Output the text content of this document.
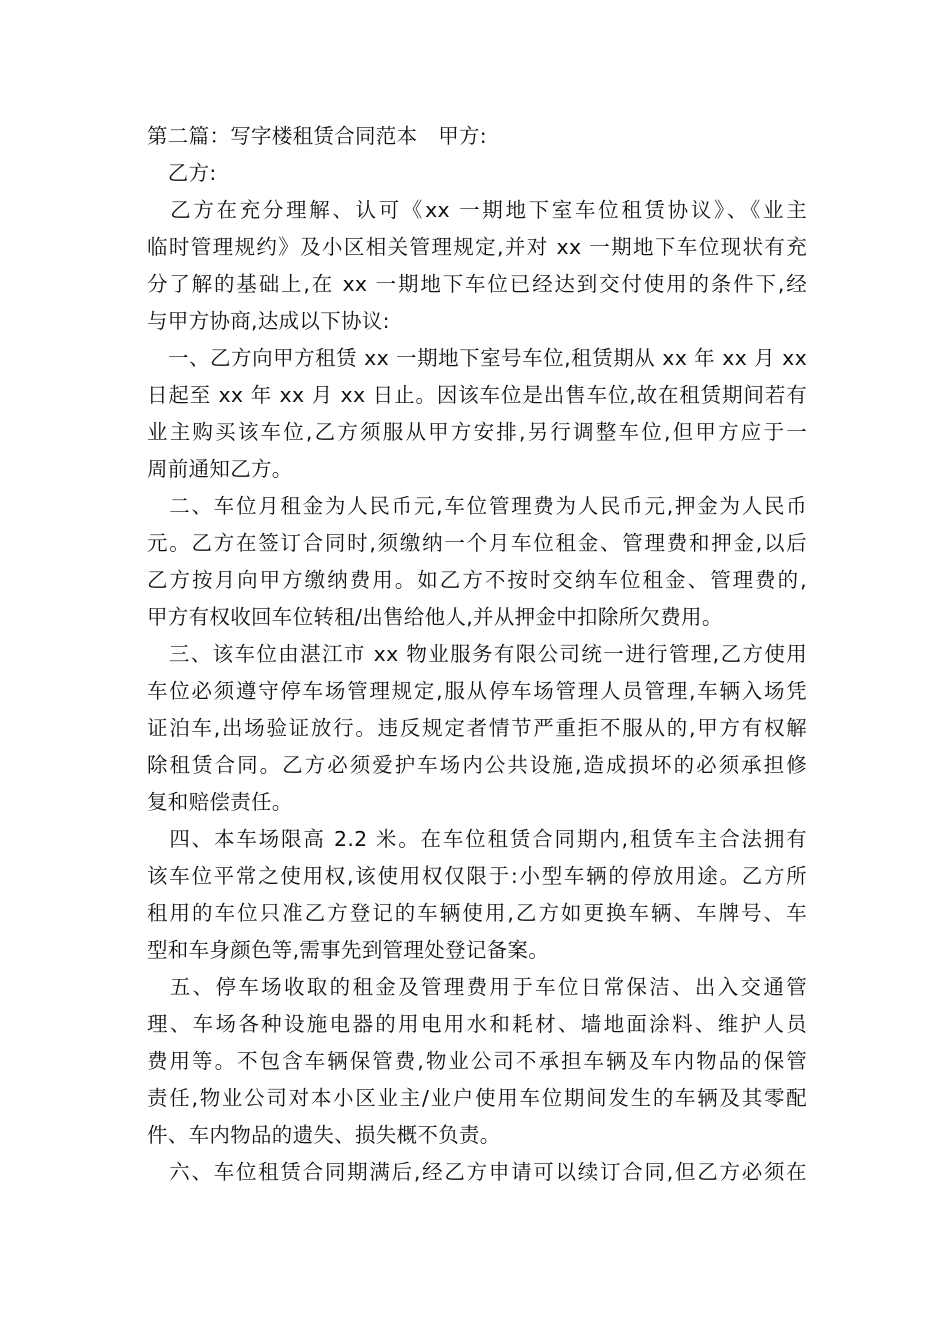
第二篇：写字楼租赁合同范本　甲方:
　乙方:
　乙方在充分理解、认可《xx 一期地下室车位租赁协议》、《业主
临时管理规约》及小区相关管理规定,并对 xx 一期地下车位现状有充
分了解的基础上,在 xx 一期地下车位已经达到交付使用的条件下,经
与甲方协商,达成以下协议:
　一、乙方向甲方租赁 xx 一期地下室号车位,租赁期从 xx 年 xx 月 xx
日起至 xx 年 xx 月 xx 日止。因该车位是出售车位,故在租赁期间若有
业主购买该车位,乙方须服从甲方安排,另行调整车位,但甲方应于一
周前通知乙方。
　二、车位月租金为人民币元,车位管理费为人民币元,押金为人民币
元。乙方在签订合同时,须缴纳一个月车位租金、管理费和押金,以后
乙方按月向甲方缴纳费用。如乙方不按时交纳车位租金、管理费的,
甲方有权收回车位转租/出售给他人,并从押金中扣除所欠费用。
　三、该车位由湛江市 xx 物业服务有限公司统一进行管理,乙方使用
车位必须遵守停车场管理规定,服从停车场管理人员管理,车辆入场凭
证泊车,出场验证放行。违反规定者情节严重拒不服从的,甲方有权解
除租赁合同。乙方必须爱护车场内公共设施,造成损坏的必须承担修
复和赔偿责任。
　四、本车场限高 2.2 米。在车位租赁合同期内,租赁车主合法拥有
该车位平常之使用权,该使用权仅限于:小型车辆的停放用途。乙方所
租用的车位只准乙方登记的车辆使用,乙方如更换车辆、车牌号、车
型和车身颜色等,需事先到管理处登记备案。
　五、停车场收取的租金及管理费用于车位日常保洁、出入交通管
理、车场各种设施电器的用电用水和耗材、墙地面涂料、维护人员
费用等。不包含车辆保管费,物业公司不承担车辆及车内物品的保管
责任,物业公司对本小区业主/业户使用车位期间发生的车辆及其零配
件、车内物品的遗失、损失概不负责。
　六、车位租赁合同期满后,经乙方申请可以续订合同,但乙方必须在
